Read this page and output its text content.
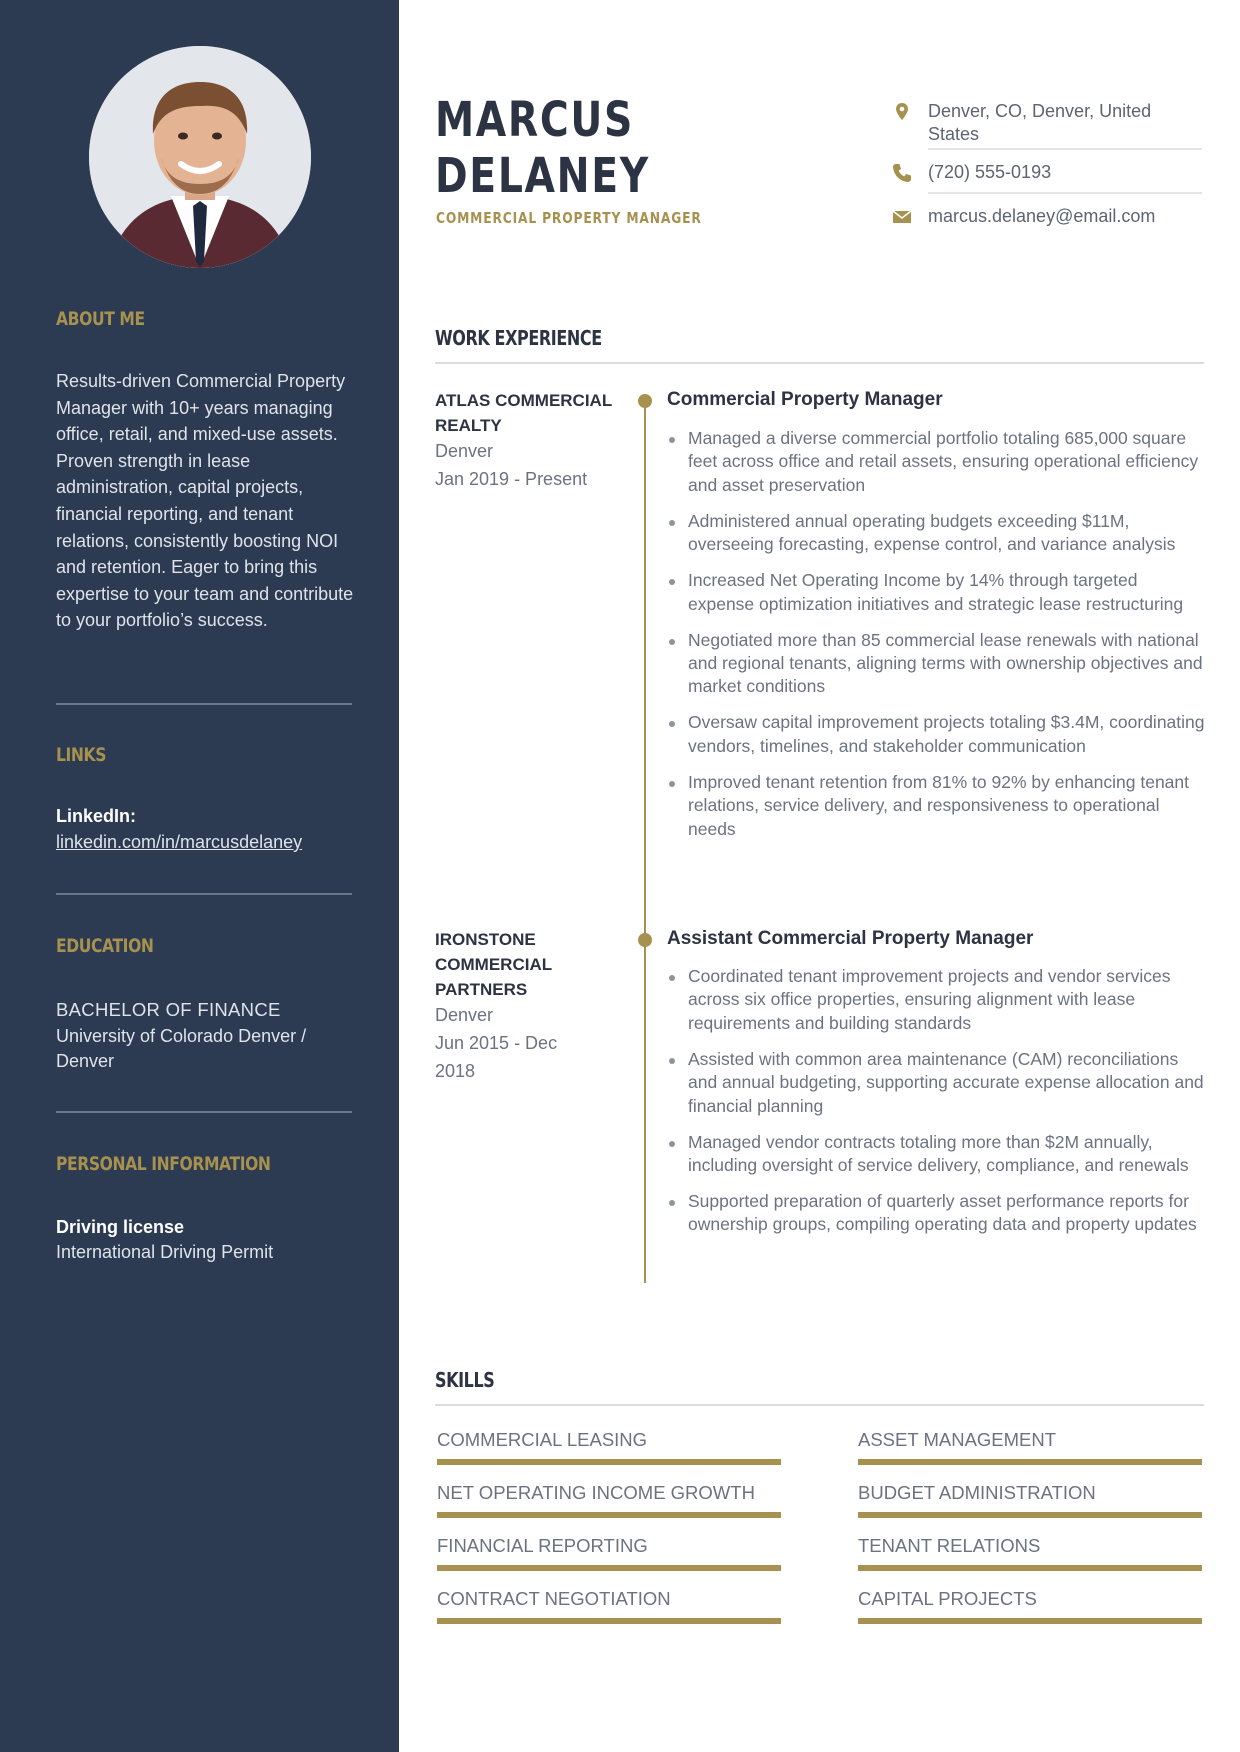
ABOUT ME
Results-driven Commercial Property Manager with 10+ years managing office, retail, and mixed-use assets. Proven strength in lease administration, capital projects, financial reporting, and tenant relations, consistently boosting NOI and retention. Eager to bring this expertise to your team and contribute to your portfolio’s success.
LINKS
LinkedIn:
linkedin.com/in/marcusdelaney
EDUCATION
BACHELOR OF FINANCE
University of Colorado Denver / Denver
PERSONAL INFORMATION
Driving license
International Driving Permit
MARCUS
DELANEY
COMMERCIAL PROPERTY MANAGER
Denver, CO, Denver, United States
(720) 555-0193
marcus.delaney@email.com
WORK EXPERIENCE
ATLAS COMMERCIAL REALTY
Denver
Jan 2019 - Present
Commercial Property Manager
Managed a diverse commercial portfolio totaling 685,000 square feet across office and retail assets, ensuring operational efficiency and asset preservation
Administered annual operating budgets exceeding $11M, overseeing forecasting, expense control, and variance analysis
Increased Net Operating Income by 14% through targeted expense optimization initiatives and strategic lease restructuring
Negotiated more than 85 commercial lease renewals with national and regional tenants, aligning terms with ownership objectives and market conditions
Oversaw capital improvement projects totaling $3.4M, coordinating vendors, timelines, and stakeholder communication
Improved tenant retention from 81% to 92% by enhancing tenant relations, service delivery, and responsiveness to operational needs
IRONSTONE COMMERCIAL PARTNERS
Denver
Jun 2015 - Dec 2018
Assistant Commercial Property Manager
Coordinated tenant improvement projects and vendor services across six office properties, ensuring alignment with lease requirements and building standards
Assisted with common area maintenance (CAM) reconciliations and annual budgeting, supporting accurate expense allocation and financial planning
Managed vendor contracts totaling more than $2M annually, including oversight of service delivery, compliance, and renewals
Supported preparation of quarterly asset performance reports for ownership groups, compiling operating data and property updates
SKILLS
COMMERCIAL LEASING	ASSET MANAGEMENT
NET OPERATING INCOME GROWTH	BUDGET ADMINISTRATION
FINANCIAL REPORTING	TENANT RELATIONS
CONTRACT NEGOTIATION	CAPITAL PROJECTS
